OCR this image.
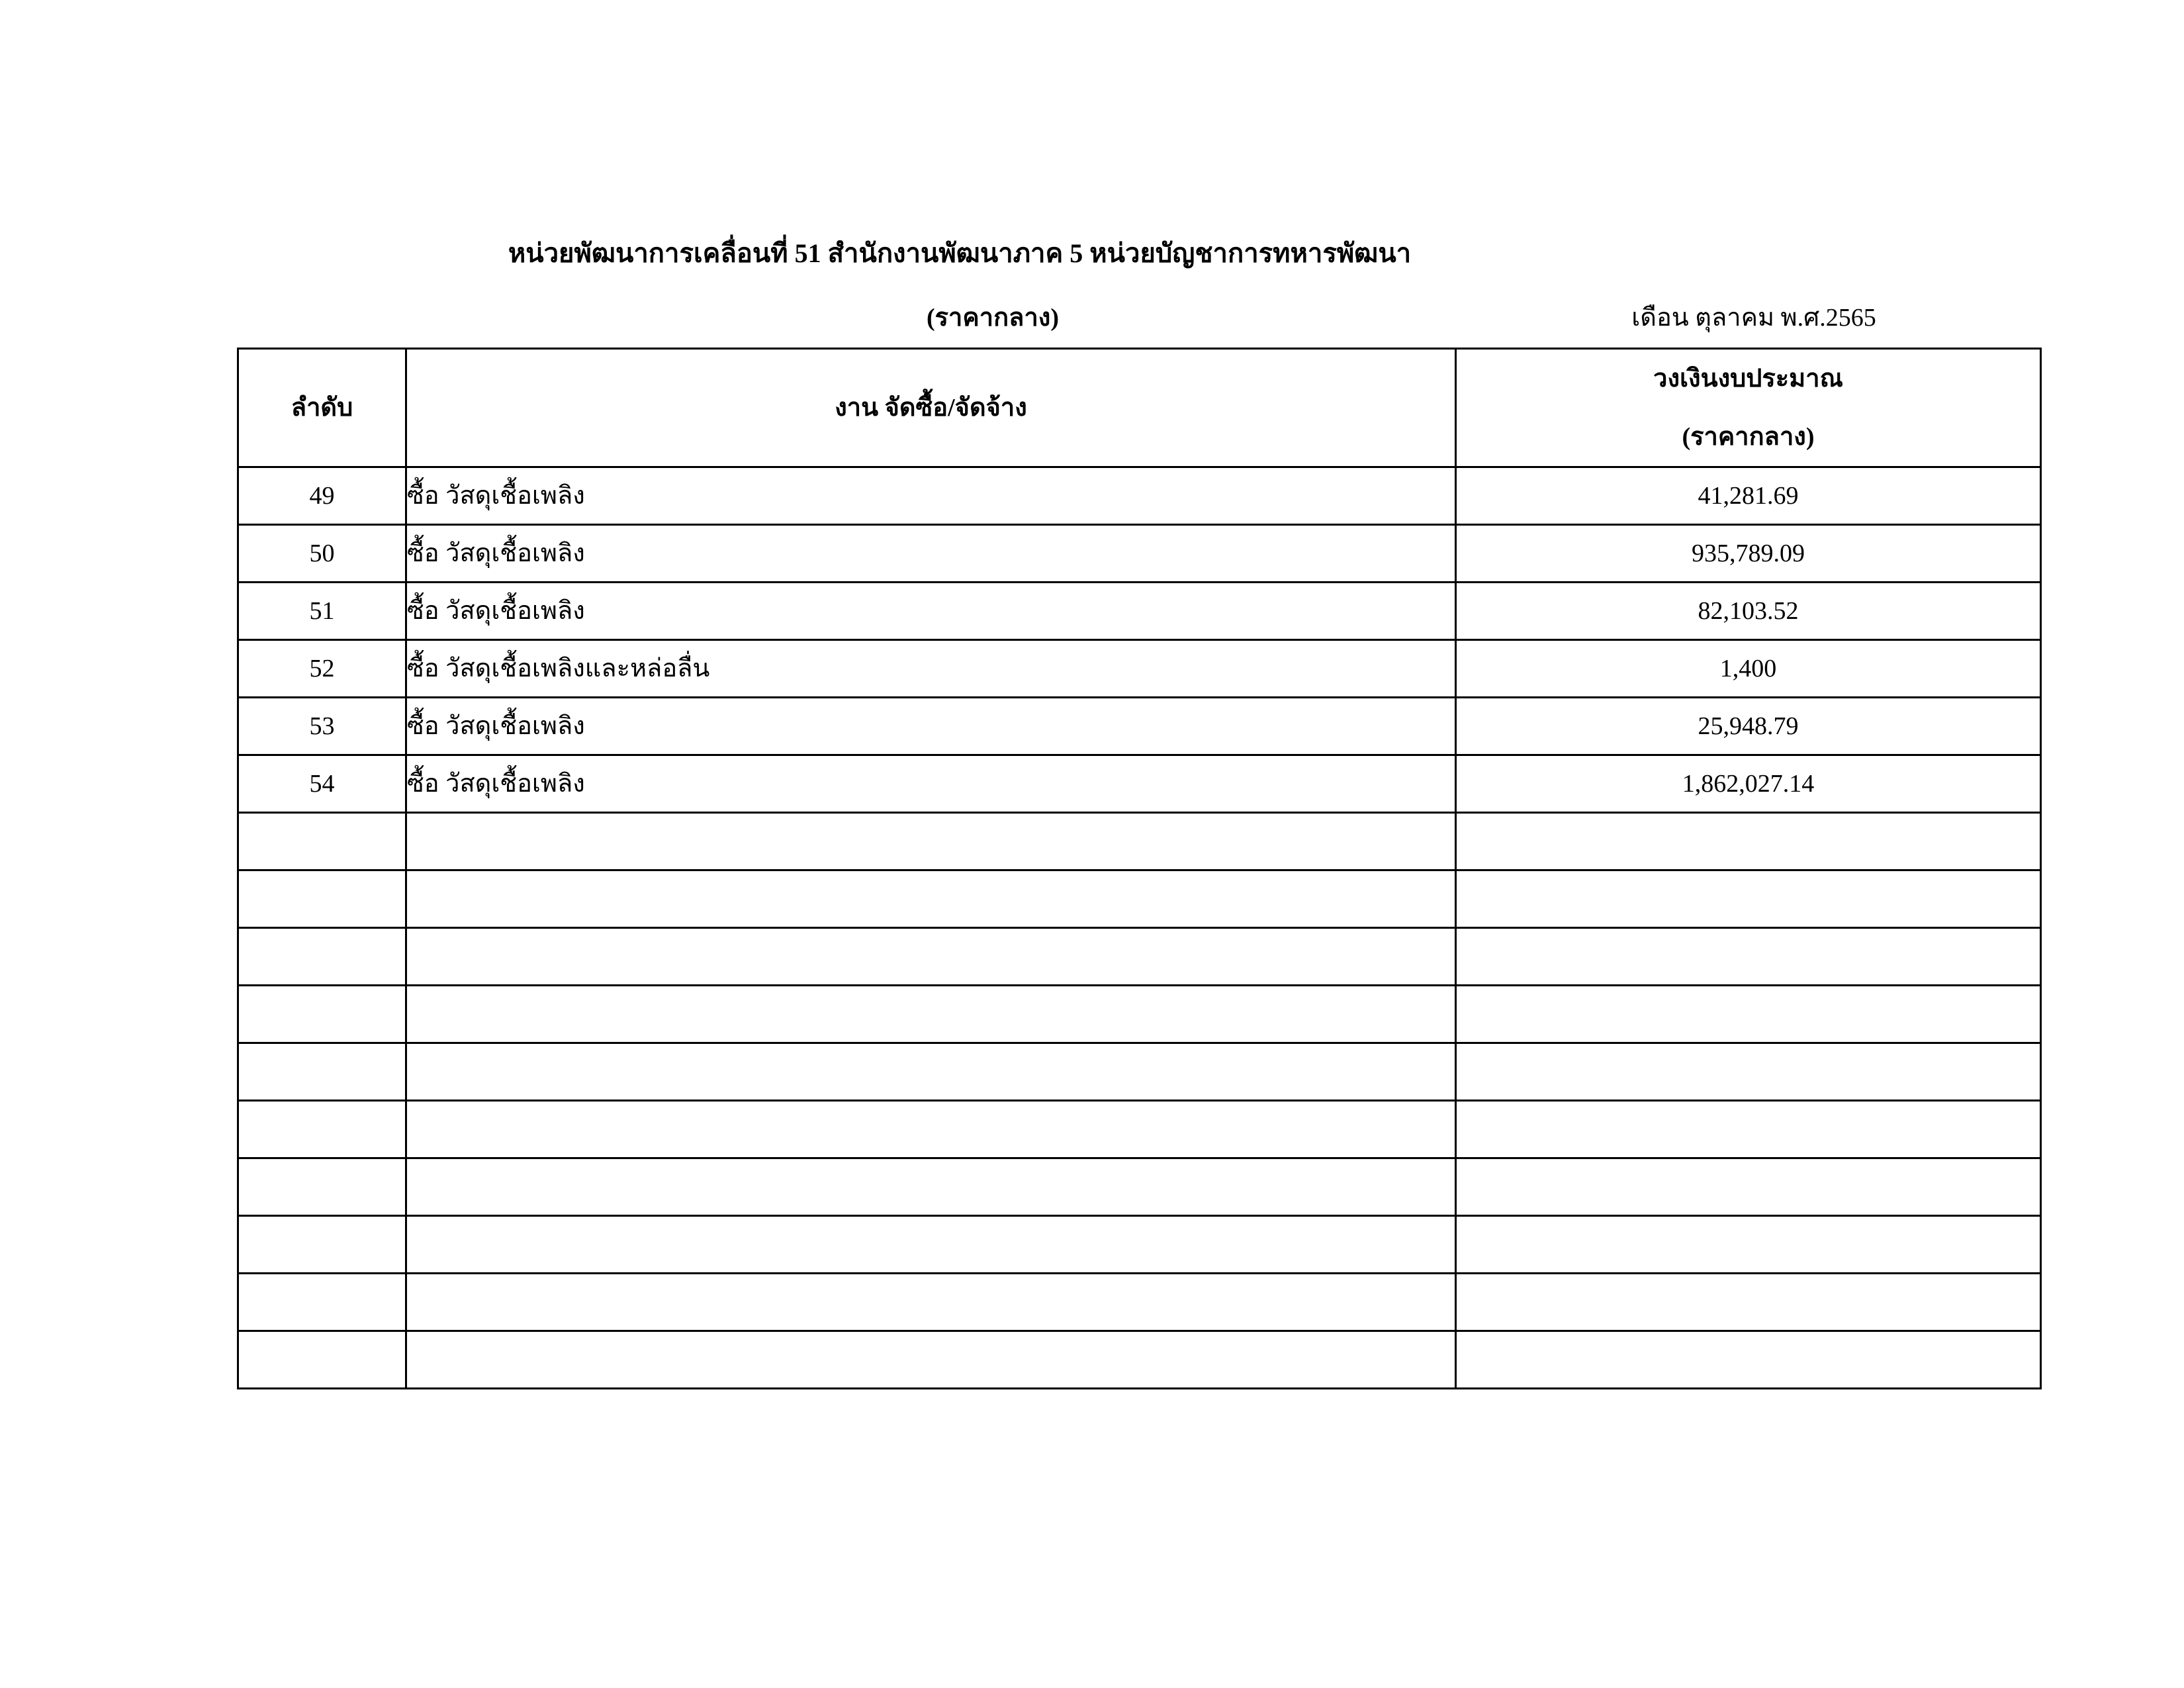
หน่วยพัฒนาการเคลื่อนที่ 51 สำนักงานพัฒนาภาค 5 หน่วยบัญชาการทหารพัฒนา
(ราคากลาง)	เดือน ตุลาคม พ.ศ.2565
ลำดับ	งาน จัดซื้อ/จัดจ้าง	วงเงินงบประมาณ
(ราคากลาง)

49	ซื้อ วัสดุเชื้อเพลิง	41,281.69
50	ซื้อ วัสดุเชื้อเพลิง	935,789.09
51	ซื้อ วัสดุเชื้อเพลิง	82,103.52
52	ซื้อ วัสดุเชื้อเพลิงและหล่อลื่น	1,400
53	ซื้อ วัสดุเชื้อเพลิง	25,948.79
54	ซื้อ วัสดุเชื้อเพลิง	1,862,027.14
